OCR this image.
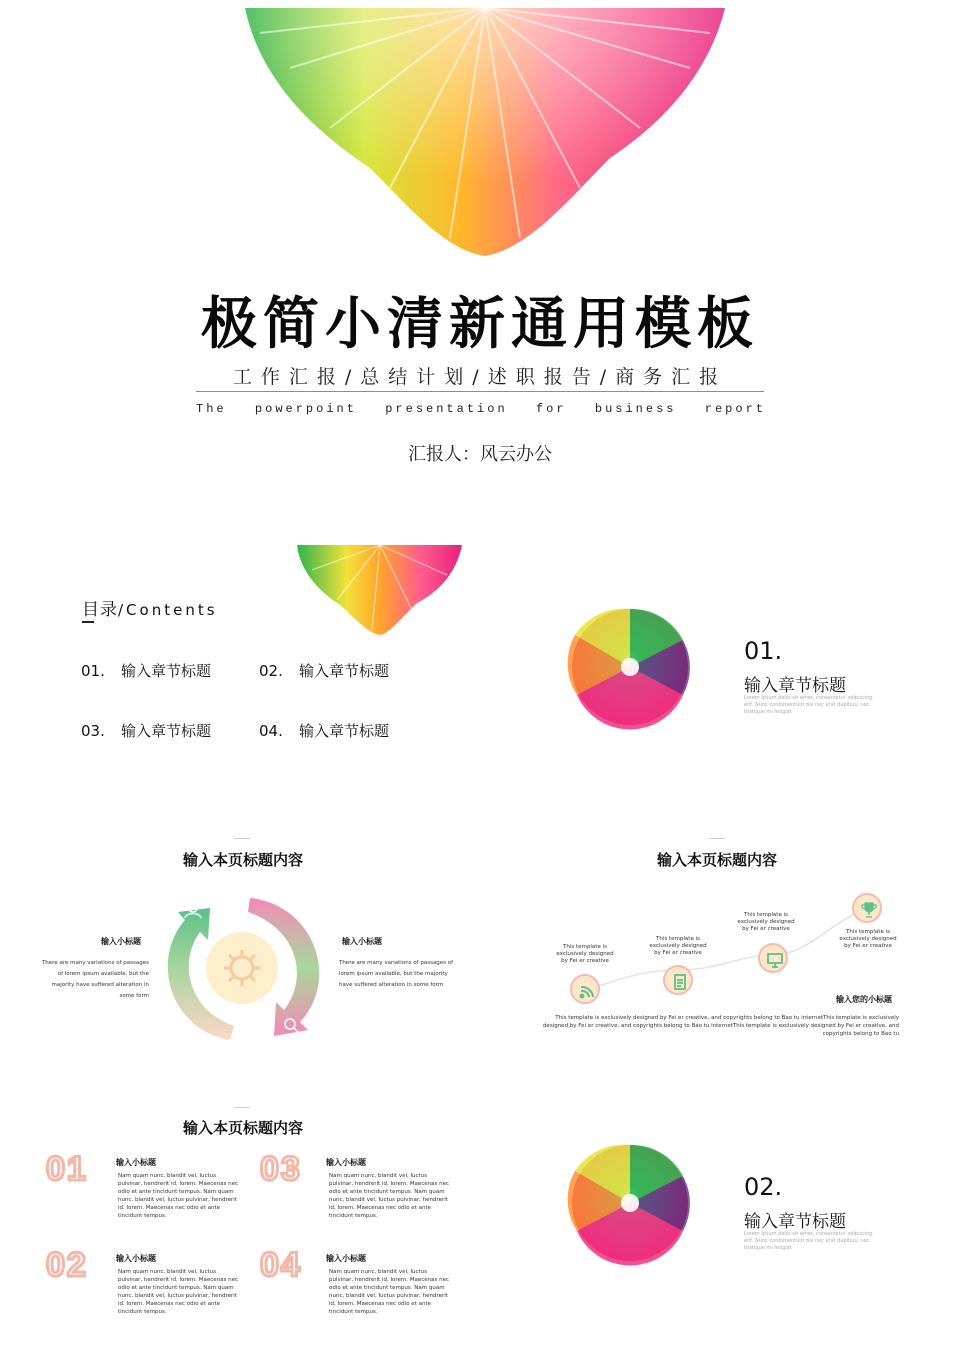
极简小清新通用模板
工作汇报/总结计划/述职报告/商务汇报
The powerpoint presentation for business report
汇报人：风云办公
目录/Contents
01. 输入章节标题	02. 输入章节标题
03. 输入章节标题	04. 输入章节标题
01.
输入章节标题
Lorem ipsum dolor sit amet, consectetur adipiscing elit. Nunc condimentum dui nec erat dapibus, nec tristique mi feugiat
输入本页标题内容
输入小标题
There are many variations of passages of lorem ipsum available, but the majority have suffered alteration in some form
输入小标题
There are many variations of passages of lorem ipsum available, but the majority have suffered alteration in some form
输入本页标题内容
This template is exclusively designed by Fei er creative
This template is exclusively designed by Fei er creative
This template is exclusively designed by Fei er creative	This template is exclusively designed by Fei er creative
输入您的小标题
This template is exclusively designed by Fei er creative, and copyrights belong to Bao tu internetThis template is exclusively designed by Fei er creative, and copyrights belong to Bao tu internetThis template is exclusively designed by Fei er creative, and copyrights belong to Bao tu
输入本页标题内容
01	输入小标题
Nam quam nunc, blandit vel, luctus pulvinar, hendrerit id, lorem. Maecenas nec odio et ante tincidunt tempus. Nam quam nunc, blandit vel, luctus pulvinar, hendrerit id, lorem. Maecenas nec odio et ante tincidunt tempus.
03	输入小标题
Nam quam nunc, blandit vel, luctus pulvinar, hendrerit id, lorem. Maecenas nec odio et ante tincidunt tempus. Nam quam nunc, blandit vel, luctus pulvinar, hendrerit id, lorem. Maecenas nec odio et ante tincidunt tempus.
02	输入小标题
Nam quam nunc, blandit vel, luctus pulvinar, hendrerit id, lorem. Maecenas nec odio et ante tincidunt tempus. Nam quam nunc, blandit vel, luctus pulvinar, hendrerit id, lorem. Maecenas nec odio et ante tincidunt tempus.
04	输入小标题
Nam quam nunc, blandit vel, luctus pulvinar, hendrerit id, lorem. Maecenas nec odio et ante tincidunt tempus. Nam quam nunc, blandit vel, luctus pulvinar, hendrerit id, lorem. Maecenas nec odio et ante tincidunt tempus.
02.
输入章节标题
Lorem ipsum dolor sit amet, consectetur adipiscing elit. Nunc condimentum dui nec erat dapibus, nec tristique mi feugiat
